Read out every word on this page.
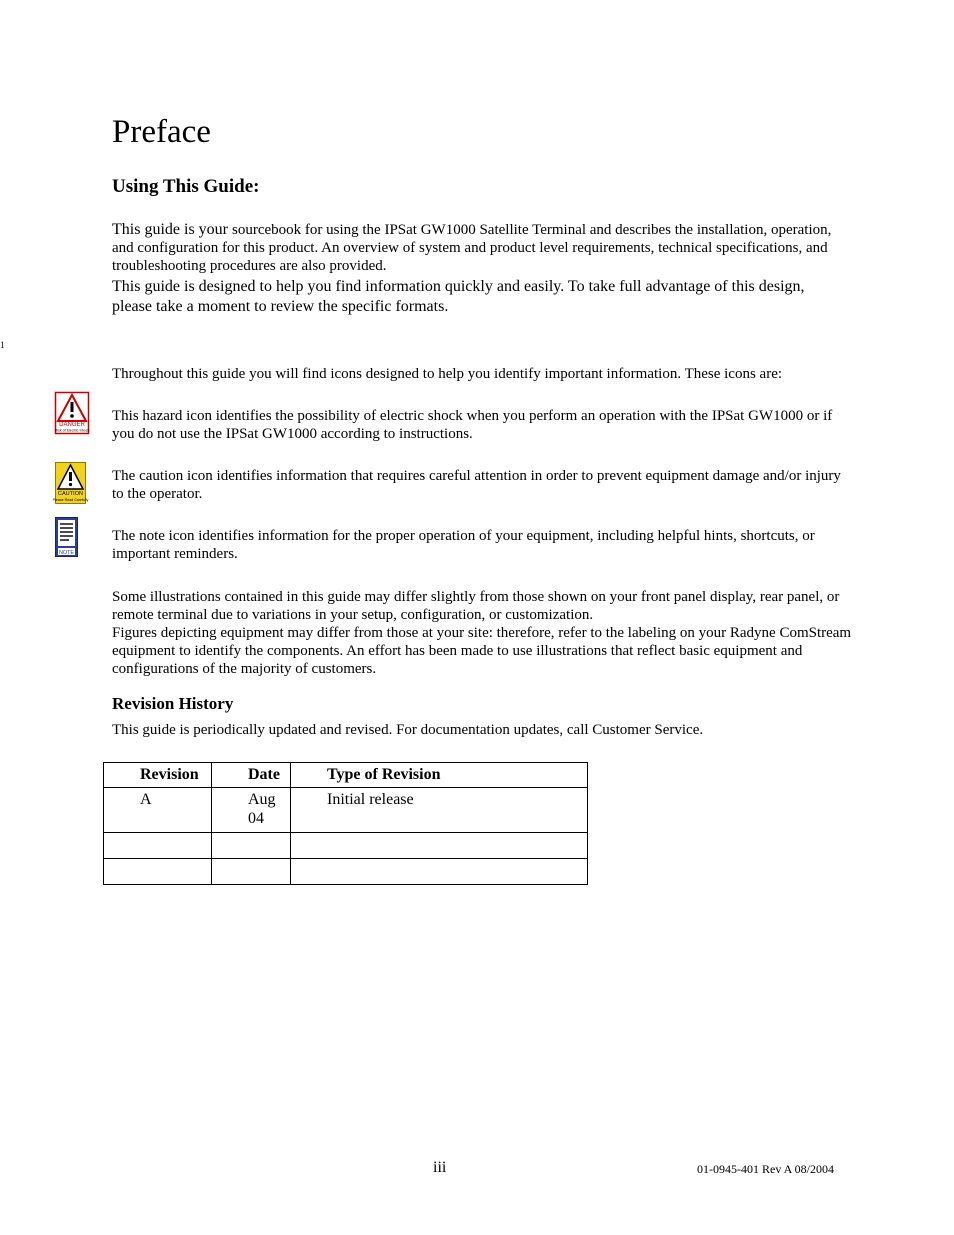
Preface
Using This Guide:
This guide is your sourcebook for using the IPSat GW1000 Satellite Terminal and describes the installation, operation, and configuration for this product. An overview of system and product level requirements, technical specifications, and troubleshooting procedures are also provided.
This guide is designed to help you find information quickly and easily. To take full advantage of this design, please take a moment to review the specific formats.
1
Throughout this guide you will find icons designed to help you identify important information. These icons are:
DANGER
Risk of Electric Shock
This hazard icon identifies the possibility of electric shock when you perform an operation with the IPSat GW1000 or if you do not use the IPSat GW1000 according to instructions.
CAUTION
Please Read Carefully
The caution icon identifies information that requires careful attention in order to prevent equipment damage and/or injury to the operator.
NOTE
The note icon identifies information for the proper operation of your equipment, including helpful hints, shortcuts, or important reminders.
Some illustrations contained in this guide may differ slightly from those shown on your front panel display, rear panel, or remote terminal due to variations in your setup, configuration, or customization.
Figures depicting equipment may differ from those at your site: therefore, refer to the labeling on your Radyne ComStream equipment to identify the components. An effort has been made to use illustrations that reflect basic equipment and configurations of the majority of customers.
Revision History
This guide is periodically updated and revised. For documentation updates, call Customer Service.
Revision	Date	Type of Revision
A	Aug 04	Initial release

iii	01-0945-401 Rev A 08/2004
